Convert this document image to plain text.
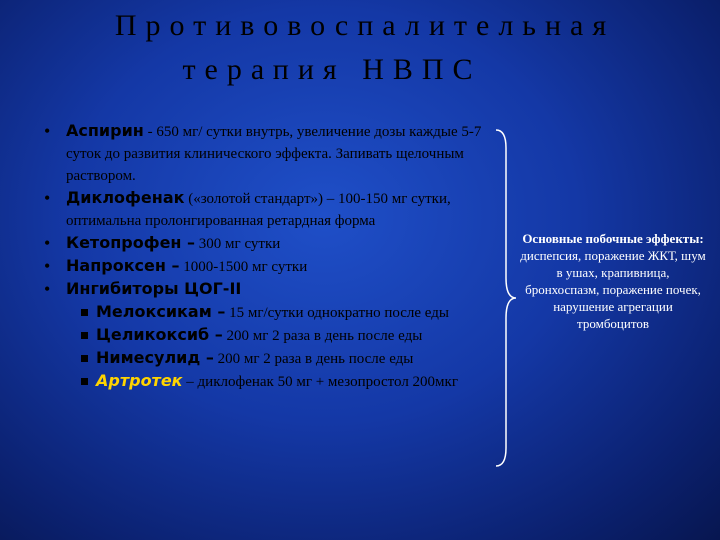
Противовоспалительная
терапия НВПС
• Аспирин - 650 мг/ сутки внутрь, увеличение дозы каждые 5-7 суток до развития клинического эффекта. Запивать щелочным раствором.
• Диклофенак («золотой стандарт») – 100-150 мг сутки, оптимальна пролонгированная ретардная форма
• Кетопрофен – 300 мг сутки
• Напроксен – 1000-1500 мг сутки
• Ингибиторы ЦОГ-II
Мелоксикам – 15 мг/сутки однократно после еды
Целикоксиб – 200 мг 2 раза в день после еды
Нимесулид – 200 мг 2 раза в день после еды
Артротек – диклофенак 50 мг + мезопростол 200мкг
Основные побочные эффекты: диспепсия, поражение ЖКТ, шум в ушах, крапивница, бронхоспазм, поражение почек, нарушение агрегации тромбоцитов
